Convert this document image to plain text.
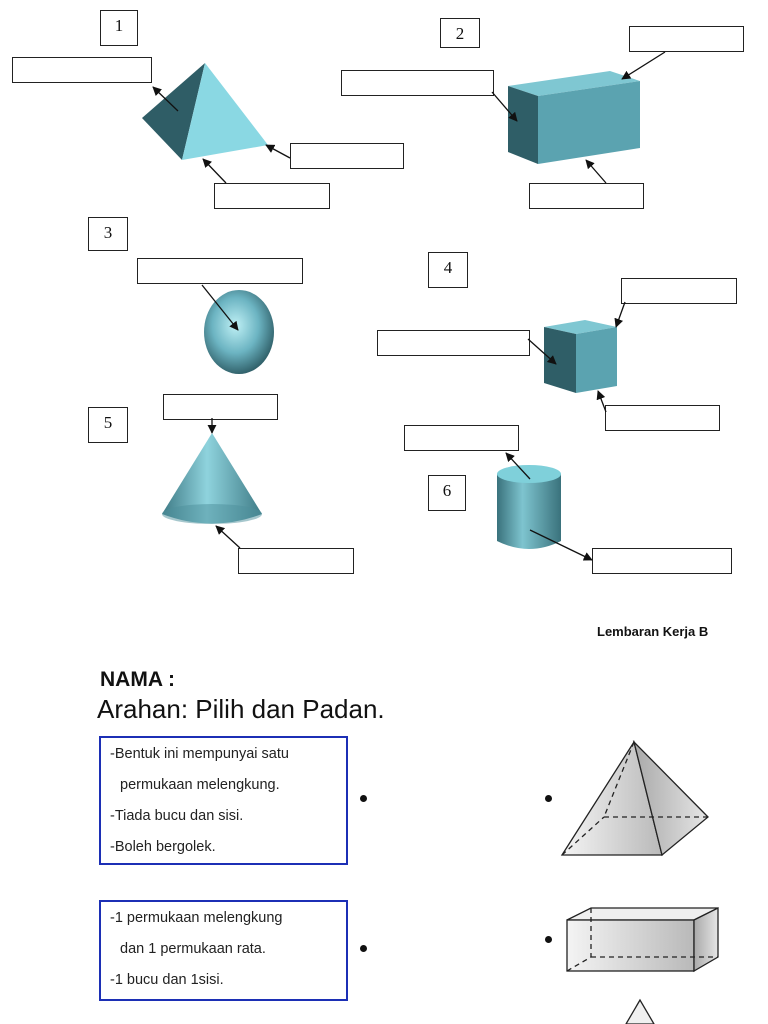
1	2
3
4
5
6
Lembaran Kerja B
NAMA :
Arahan: Pilih dan Padan.
-Bentuk ini mempunyai satu
permukaan melengkung.
-Tiada bucu dan sisi.
-Boleh bergolek.
-1 permukaan melengkung
dan 1 permukaan rata.
-1 bucu dan 1sisi.
